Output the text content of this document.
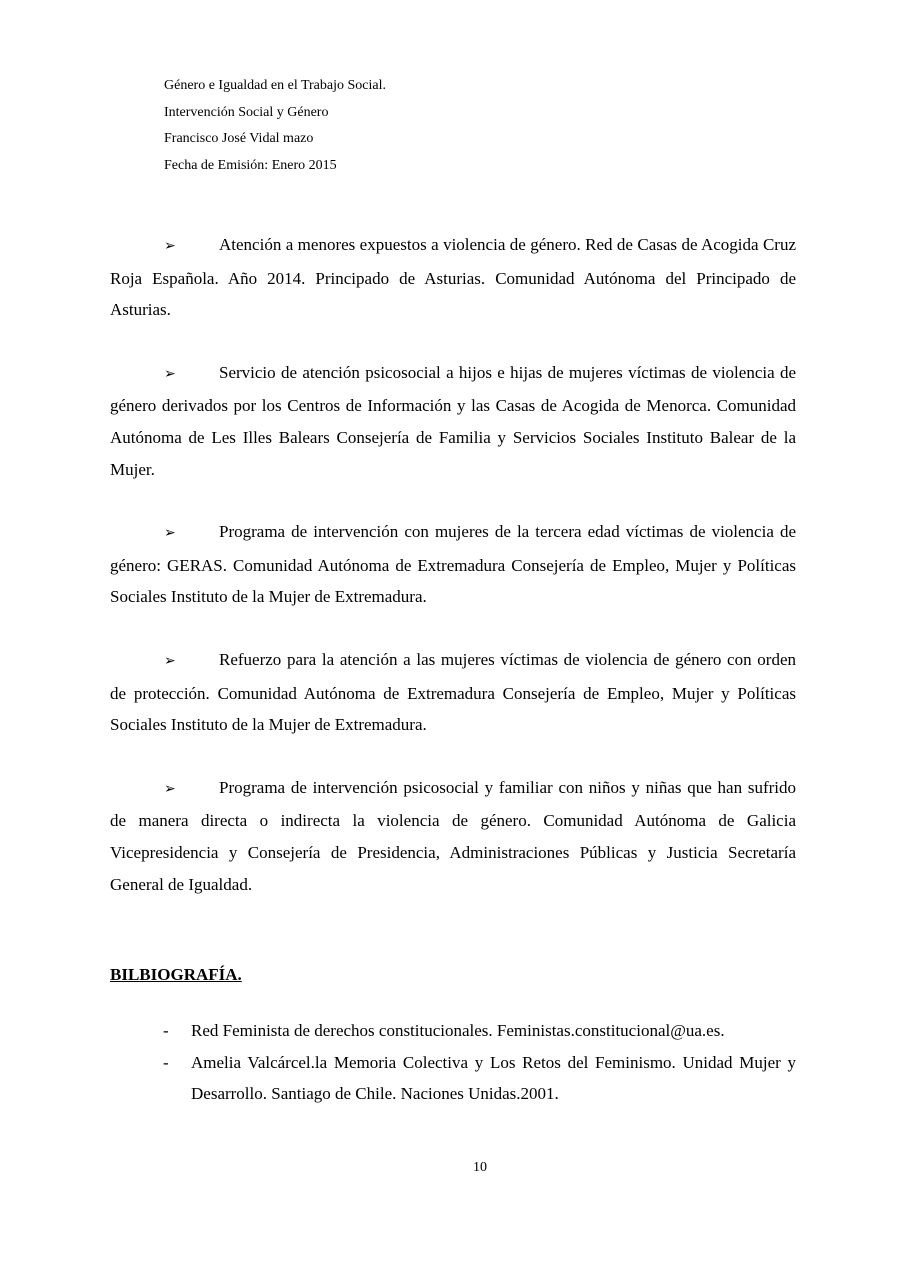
Género e Igualdad en el Trabajo Social.
Intervención Social y Género
Francisco José Vidal mazo
Fecha de Emisión: Enero 2015

➢	Atención a menores expuestos a violencia de género. Red de Casas de Acogida Cruz Roja Española. Año 2014. Principado de Asturias. Comunidad Autónoma del Principado de Asturias.

➢	Servicio de atención psicosocial a hijos e hijas de mujeres víctimas de violencia de género derivados por los Centros de Información y las Casas de Acogida de Menorca. Comunidad Autónoma de Les Illes Balears Consejería de Familia y Servicios Sociales Instituto Balear de la Mujer.

➢	Programa de intervención con mujeres de la tercera edad víctimas de violencia de género: GERAS. Comunidad Autónoma de Extremadura Consejería de Empleo, Mujer y Políticas Sociales Instituto de la Mujer de Extremadura.

➢	Refuerzo para la atención a las mujeres víctimas de violencia de género con orden de protección. Comunidad Autónoma de Extremadura Consejería de Empleo, Mujer y Políticas Sociales Instituto de la Mujer de Extremadura.

➢	Programa de intervención psicosocial y familiar con niños y niñas que han sufrido de manera directa o indirecta la violencia de género. Comunidad Autónoma de Galicia Vicepresidencia y Consejería de Presidencia, Administraciones Públicas y Justicia Secretaría General de Igualdad.

BILBIOGRAFÍA.
- Red Feminista de derechos constitucionales. Feministas.constitucional@ua.es.
- Amelia Valcárcel.la Memoria Colectiva y Los Retos del Feminismo. Unidad Mujer y Desarrollo. Santiago de Chile. Naciones Unidas.2001.
10
